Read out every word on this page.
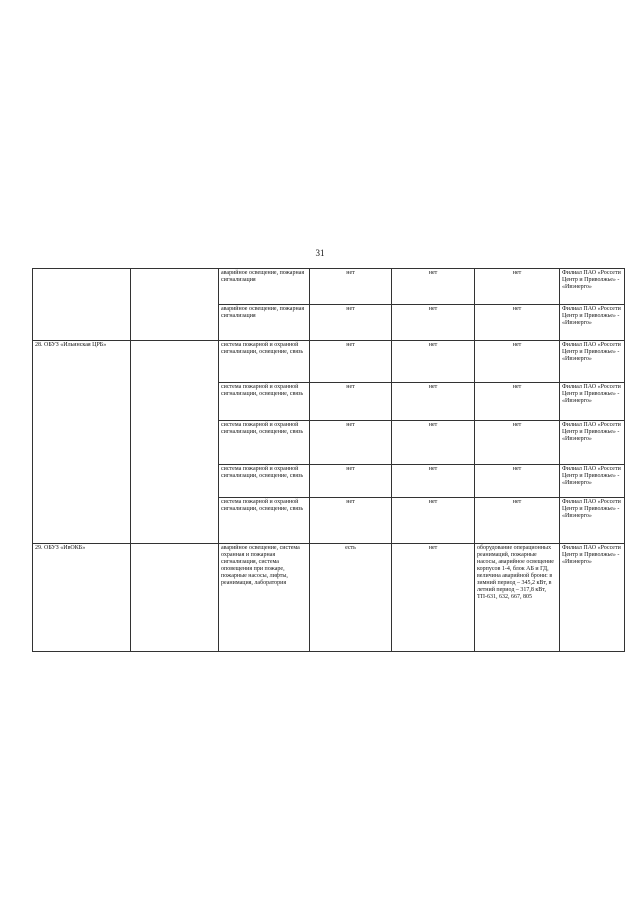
31
		аварийное освещение, пожарная сигнализация	нет	нет	нет	Филиал ПАО «Россети Центр и Приволжье» - «Ивэнерго»
		аварийное освещение, пожарная сигнализация	нет	нет	нет	Филиал ПАО «Россети Центр и Приволжье» - «Ивэнерго»
28. ОБУЗ «Ильинская ЦРБ»		система пожарной и охранной сигнализации, освещение, связь	нет	нет	нет	Филиал ПАО «Россети Центр и Приволжье» - «Ивэнерго»
		система пожарной и охранной сигнализации, освещение, связь	нет	нет	нет	Филиал ПАО «Россети Центр и Приволжье» - «Ивэнерго»
		система пожарной и охранной сигнализации, освещение, связь	нет	нет	нет	Филиал ПАО «Россети Центр и Приволжье» - «Ивэнерго»
		система пожарной и охранной сигнализации, освещение, связь	нет	нет	нет	Филиал ПАО «Россети Центр и Приволжье» - «Ивэнерго»
		система пожарной и охранной сигнализации, освещение, связь	нет	нет	нет	Филиал ПАО «Россети Центр и Приволжье» - «Ивэнерго»
29. ОБУЗ «ИвОКБ»		аварийное освещение, система охранная и пожарная сигнализация, система оповещения при пожаре, пожарные насосы, лифты, реанимация, лаборатория	есть	нет	оборудование операционных реанимаций, пожарные насосы, аварийное освещение корпусов 1-4, блок АБ и ГД, величина аварийной брони: в зимний период – 345,2 кВт, в летний период – 317,8 кВт, ТП-631, 632, 667, 805	Филиал ПАО «Россети Центр и Приволжье» - «Ивэнерго»
